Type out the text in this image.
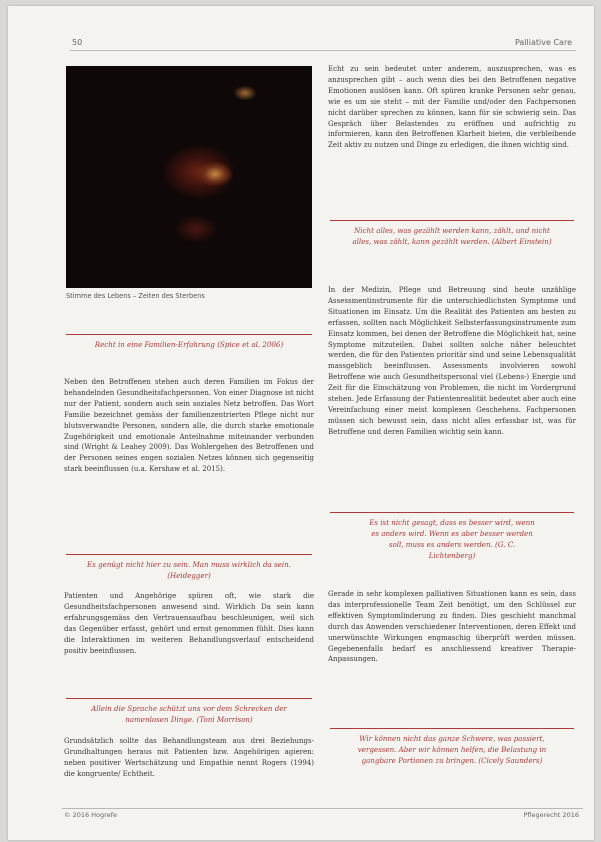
50	Palliative Care
Stimme des Lebens – Zeiten des Sterbens
Recht in eine Familien-Erfahrung (Spice et al. 2006)
Neben den Betroffenen stehen auch deren Familien im Fokus der behandelnden Gesundheitsfachpersonen. Von einer Diagnose ist nicht nur der Patient, sondern auch sein soziales Netz betroffen. Das Wort Familie bezeichnet gemäss der familienzentrierten Pflege nicht nur blutsverwandte Personen, sondern alle, die durch starke emotionale Zugehörigkeit und emotionale Anteilnahme miteinander verbunden sind (Wright & Leahey 2009). Das Wohlergehen des Betroffenen und der Personen seines engen sozialen Netzes können sich gegenseitig stark beeinflussen (u.a. Kershaw et al. 2015).
Es genügt nicht hier zu sein. Man muss wirklich da sein. (Heidegger)
Patienten und Angehörige spüren oft, wie stark die Gesundheitsfachpersonen anwesend sind. Wirklich Da sein kann erfahrungsgemäss den Vertrauensaufbau beschleunigen, weil sich das Gegenüber erfasst, gehört und ernst genommen fühlt. Dies kann die Interaktionen im weiteren Behandlungsverlauf entscheidend positiv beeinflussen.
Allein die Sprache schützt uns vor dem Schrecken der namenlosen Dinge. (Toni Morrison)
Grundsätzlich sollte das Behandlungsteam aus drei Beziehungs-Grundhaltungen heraus mit Patienten bzw. Angehörigen agieren: neben positiver Wertschätzung und Empathie nennt Rogers (1994) die kongruente/ Echtheit.
Echt zu sein bedeutet unter anderem, auszusprechen, was es anzusprechen gibt – auch wenn dies bei den Betroffenen negative Emotionen auslösen kann. Oft spüren kranke Personen sehr genau, wie es um sie steht – mit der Familie und/oder den Fachpersonen nicht darüber sprechen zu können, kann für sie schwierig sein. Das Gespräch über Belastendes zu eröffnen und aufrichtig zu informieren, kann den Betroffenen Klarheit bieten, die verbleibende Zeit aktiv zu nutzen und Dinge zu erledigen, die ihnen wichtig sind.
Nicht alles, was gezählt werden kann, zählt, und nicht alles, was zählt, kann gezählt werden. (Albert Einstein)
In der Medizin, Pflege und Betreuung sind heute unzählige Assessmentinstrumente für die unterschiedlichsten Symptome und Situationen im Einsatz. Um die Realität des Patienten am besten zu erfassen, sollten nach Möglichkeit Selbsterfassungsinstrumente zum Einsatz kommen, bei denen der Betroffene die Möglichkeit hat, seine Symptome mitzuteilen. Dabei sollten solche näher beleuchtet werden, die für den Patienten prioritär sind und seine Lebensqualität massgeblich beeinflussen. Assessments involvieren sowohl Betroffene wie auch Gesundheitspersonal viel (Lebens-) Energie und Zeit für die Einschätzung von Problemen, die nicht im Vordergrund stehen. Jede Erfassung der Patientenrealität bedeutet aber auch eine Vereinfachung einer meist komplexen Geschehens. Fachpersonen müssen sich bewusst sein, dass nicht alles erfassbar ist, was für Betroffene und deren Familien wichtig sein kann.
Es ist nicht gesagt, dass es besser wird, wenn es anders wird. Wenn es aber besser werden soll, muss es anders werden. (G. C. Lichtenberg)
Gerade in sehr komplexen palliativen Situationen kann es sein, dass das interprofessionelle Team Zeit benötigt, um den Schlüssel zur effektiven Symptomlinderung zu finden. Dies geschieht manchmal durch das Anwenden verschiedener Interventionen, deren Effekt und unerwünschte Wirkungen engmaschig überprüft werden müssen. Gegebenenfalls bedarf es anschliessend kreativer Therapie-Anpassungen.
Wir können nicht das ganze Schwere, was passiert, vergessen. Aber wir können helfen, die Belastung in gangbare Portionen zu bringen. (Cicely Saunders)
© 2016 Hogrefe	Pflegerecht 2016
